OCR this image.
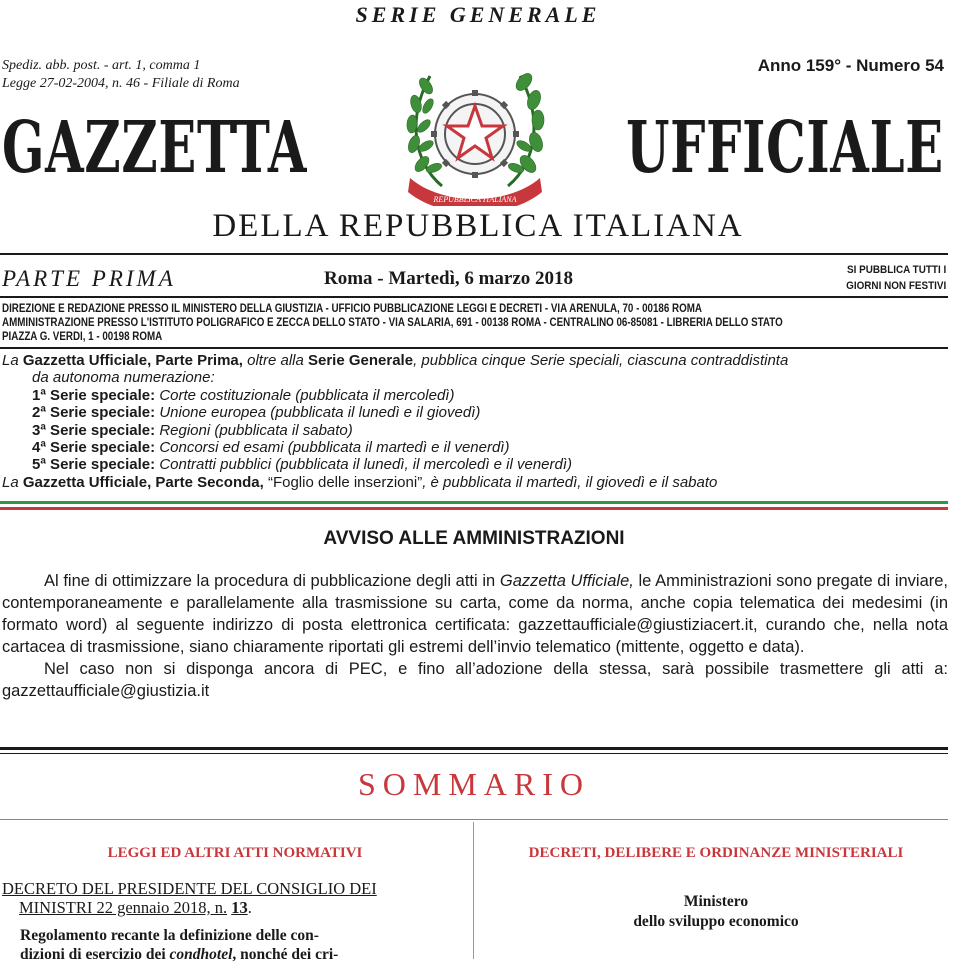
SERIE GENERALE
Spediz. abb. post. - art. 1, comma 1
Legge 27-02-2004, n. 46 - Filiale di Roma
Anno 159° - Numero 54
GAZZETTA	UFFICIALE
REPUBBLICA ITALIANA
DELLA REPUBBLICA ITALIANA
PARTE PRIMA	Roma - Martedì, 6 marzo 2018	SI PUBBLICA TUTTI I
GIORNI NON FESTIVI
DIREZIONE E REDAZIONE PRESSO IL MINISTERO DELLA GIUSTIZIA - UFFICIO PUBBLICAZIONE LEGGI E DECRETI - VIA ARENULA, 70 - 00186 ROMA
AMMINISTRAZIONE PRESSO L'ISTITUTO POLIGRAFICO E ZECCA DELLO STATO - VIA SALARIA, 691 - 00138 ROMA - CENTRALINO 06-85081 - LIBRERIA DELLO STATO
PIAZZA G. VERDI, 1 - 00198 ROMA
La Gazzetta Ufficiale, Parte Prima, oltre alla Serie Generale, pubblica cinque Serie speciali, ciascuna contraddistinta
da autonoma numerazione:
1ª Serie speciale: Corte costituzionale (pubblicata il mercoledì)
2ª Serie speciale: Unione europea (pubblicata il lunedì e il giovedì)
3ª Serie speciale: Regioni (pubblicata il sabato)
4ª Serie speciale: Concorsi ed esami (pubblicata il martedì e il venerdì)
5ª Serie speciale: Contratti pubblici (pubblicata il lunedì, il mercoledì e il venerdì)
La Gazzetta Ufficiale, Parte Seconda, “Foglio delle inserzioni”, è pubblicata il martedì, il giovedì e il sabato
AVVISO ALLE AMMINISTRAZIONI

Al fine di ottimizzare la procedura di pubblicazione degli atti in Gazzetta Ufficiale, le Amministrazioni sono pregate di inviare, contemporaneamente e parallelamente alla trasmissione su carta, come da norma, anche copia telematica dei medesimi (in formato word) al seguente indirizzo di posta elettronica certificata: gazzettaufficiale@giustiziacert.it, curando che, nella nota cartacea di trasmissione, siano chiaramente riportati gli estremi dell’invio telematico (mittente, oggetto e data).

Nel caso non si disponga ancora di PEC, e fino all’adozione della stessa, sarà possibile trasmettere gli atti a: gazzettaufficiale@giustizia.it

SOMMARIO
LEGGI ED ALTRI ATTI NORMATIVI	DECRETI, DELIBERE E ORDINANZE MINISTERIALI
DECRETO DEL PRESIDENTE DEL CONSIGLIO DEI
MINISTRI 22 gennaio 2018, n. 13.
Regolamento recante la definizione delle con-
dizioni di esercizio dei condhotel, nonché dei cri-
Ministero
dello sviluppo economico
